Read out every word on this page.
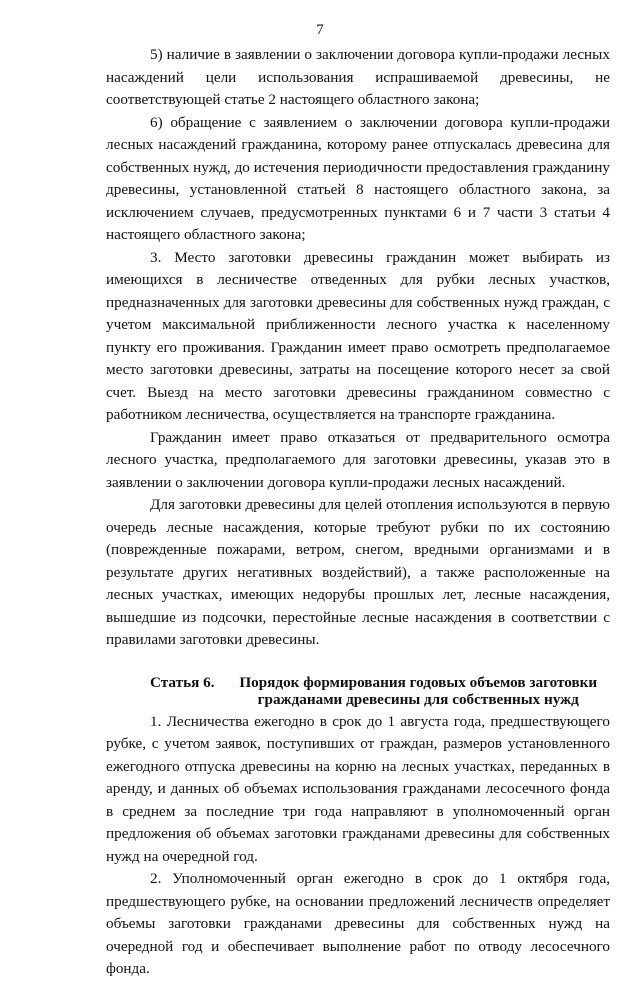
7

5) наличие в заявлении о заключении договора купли-продажи лесных насаждений цели использования испрашиваемой древесины, не соответствующей статье 2 настоящего областного закона;

6) обращение с заявлением о заключении договора купли-продажи лесных насаждений гражданина, которому ранее отпускалась древесина для собственных нужд, до истечения периодичности предоставления гражданину древесины, установленной статьей 8 настоящего областного закона, за исключением случаев, предусмотренных пунктами 6 и 7 части 3 статьи 4 настоящего областного закона;

3. Место заготовки древесины гражданин может выбирать из имеющихся в лесничестве отведенных для рубки лесных участков, предназначенных для заготовки древесины для собственных нужд граждан, с учетом максимальной приближенности лесного участка к населенному пункту его проживания. Гражданин имеет право осмотреть предполагаемое место заготовки древесины, затраты на посещение которого несет за свой счет. Выезд на место заготовки древесины гражданином совместно с работником лесничества, осуществляется на транспорте гражданина.

Гражданин имеет право отказаться от предварительного осмотра лесного участка, предполагаемого для заготовки древесины, указав это в заявлении о заключении договора купли-продажи лесных насаждений.

Для заготовки древесины для целей отопления используются в первую очередь лесные насаждения, которые требуют рубки по их состоянию (поврежденные пожарами, ветром, снегом, вредными организмами и в результате других негативных воздействий), а также расположенные на лесных участках, имеющих недорубы прошлых лет, лесные насаждения, вышедшие из подсочки, перестойные лесные насаждения в соответствии с правилами заготовки древесины.

Статья 6.	Порядок формирования годовых объемов заготовки гражданами древесины для собственных нужд

1. Лесничества ежегодно в срок до 1 августа года, предшествующего рубке, с учетом заявок, поступивших от граждан, размеров установленного ежегодного отпуска древесины на корню на лесных участках, переданных в аренду, и данных об объемах использования гражданами лесосечного фонда в среднем за последние три года направляют в уполномоченный орган предложения об объемах заготовки гражданами древесины для собственных нужд на очередной год.

2. Уполномоченный орган ежегодно в срок до 1 октября года, предшествующего рубке, на основании предложений лесничеств определяет объемы заготовки гражданами древесины для собственных нужд на очередной год и обеспечивает выполнение работ по отводу лесосечного фонда.
